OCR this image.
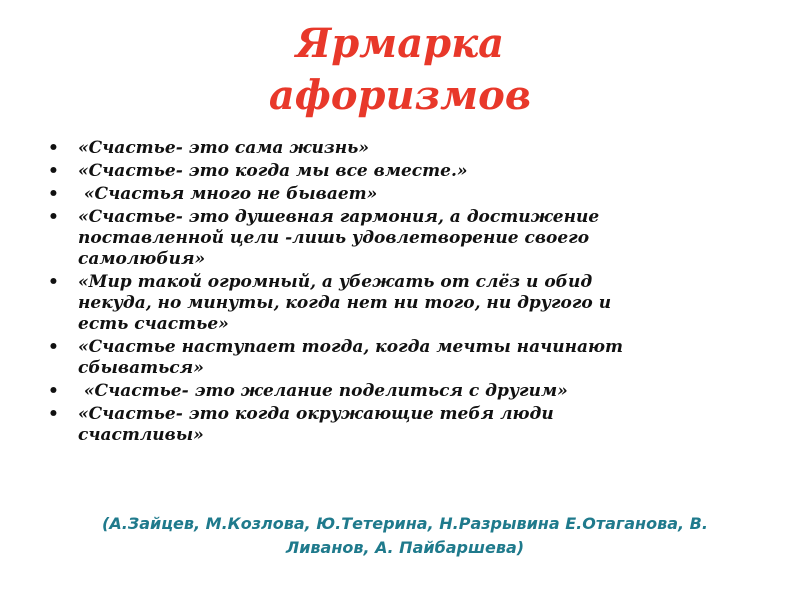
Ярмарка
афоризмов
• «Счастье- это сама жизнь»
• «Счастье- это когда мы все вместе.»
• «Счастья много не бывает»
• «Счастье- это душевная гармония, а достижение
поставленной цели -лишь удовлетворение своего
самолюбия»
• «Мир такой огромный, а убежать от слёз и обид
некуда, но минуты, когда нет ни того, ни другого и
есть счастье»
• «Счастье наступает тогда, когда мечты начинают
сбываться»
• «Счастье- это желание поделиться с другим»
• «Счастье- это когда окружающие тебя люди
счастливы»
(А.Зайцев, М.Козлова, Ю.Тетерина, Н.Разрывина Е.Отаганова, В. Ливанов, А. Пайбаршева)
